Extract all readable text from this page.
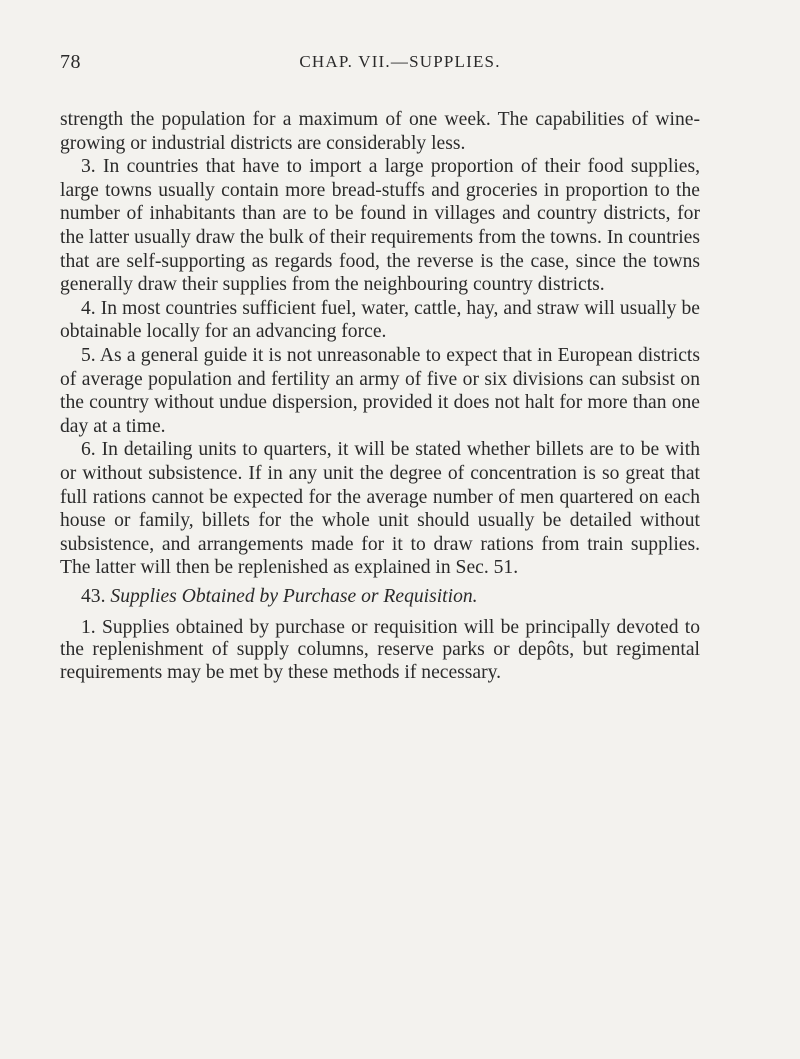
78	CHAP. VII.—SUPPLIES.

strength the population for a maximum of one week. The capabilities of wine-growing or industrial districts are considerably less.

3. In countries that have to import a large proportion of their food supplies, large towns usually contain more bread-stuffs and groceries in proportion to the number of inhabitants than are to be found in villages and country districts, for the latter usually draw the bulk of their requirements from the towns. In countries that are self-supporting as regards food, the reverse is the case, since the towns generally draw their supplies from the neighbouring country districts.

4. In most countries sufficient fuel, water, cattle, hay, and straw will usually be obtainable locally for an advancing force.

5. As a general guide it is not unreasonable to expect that in European districts of average population and fertility an army of five or six divisions can subsist on the country without undue dispersion, provided it does not halt for more than one day at a time.

6. In detailing units to quarters, it will be stated whether billets are to be with or without subsistence. If in any unit the degree of concentration is so great that full rations cannot be expected for the average number of men quartered on each house or family, billets for the whole unit should usually be detailed without subsistence, and arrangements made for it to draw rations from train supplies. The latter will then be replenished as explained in Sec. 51.

43. Supplies Obtained by Purchase or Requisition.

1. Supplies obtained by purchase or requisition will be principally devoted to the replenishment of supply columns, reserve parks or depôts, but regimental requirements may be met by these methods if necessary.
